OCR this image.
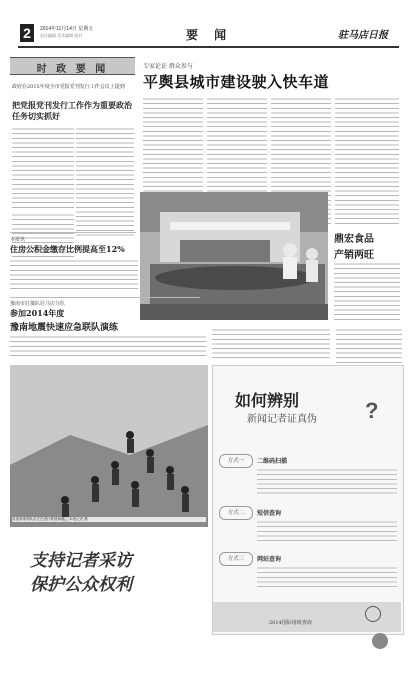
2	2014年11月14日 星期五
责任编辑 美术编辑 校对	要 闻	驻马店日报
时 政 要 闻
政府在2015年度全市党报党刊发行工作会议上提到
把党报党刊发行工作作为重要政治任务切实抓好
专家论证 群众参与
平舆县城市建设驶入快车道
鼎宏食品
产销两旺
本报讯
住房公积金缴存比例提高至12%
豫南市驻豫队驻马店分队
参加2014年度
豫南地震快速应急联队演练
参加演练的队员正在进行救援演练。 本报记者 摄
如何辨别
新闻记者证真伪 ?
方式一	二维码扫描
方式二	短信查询
方式三	网站查询
2014国际用纸查询
支持记者采访
保护公众权利
